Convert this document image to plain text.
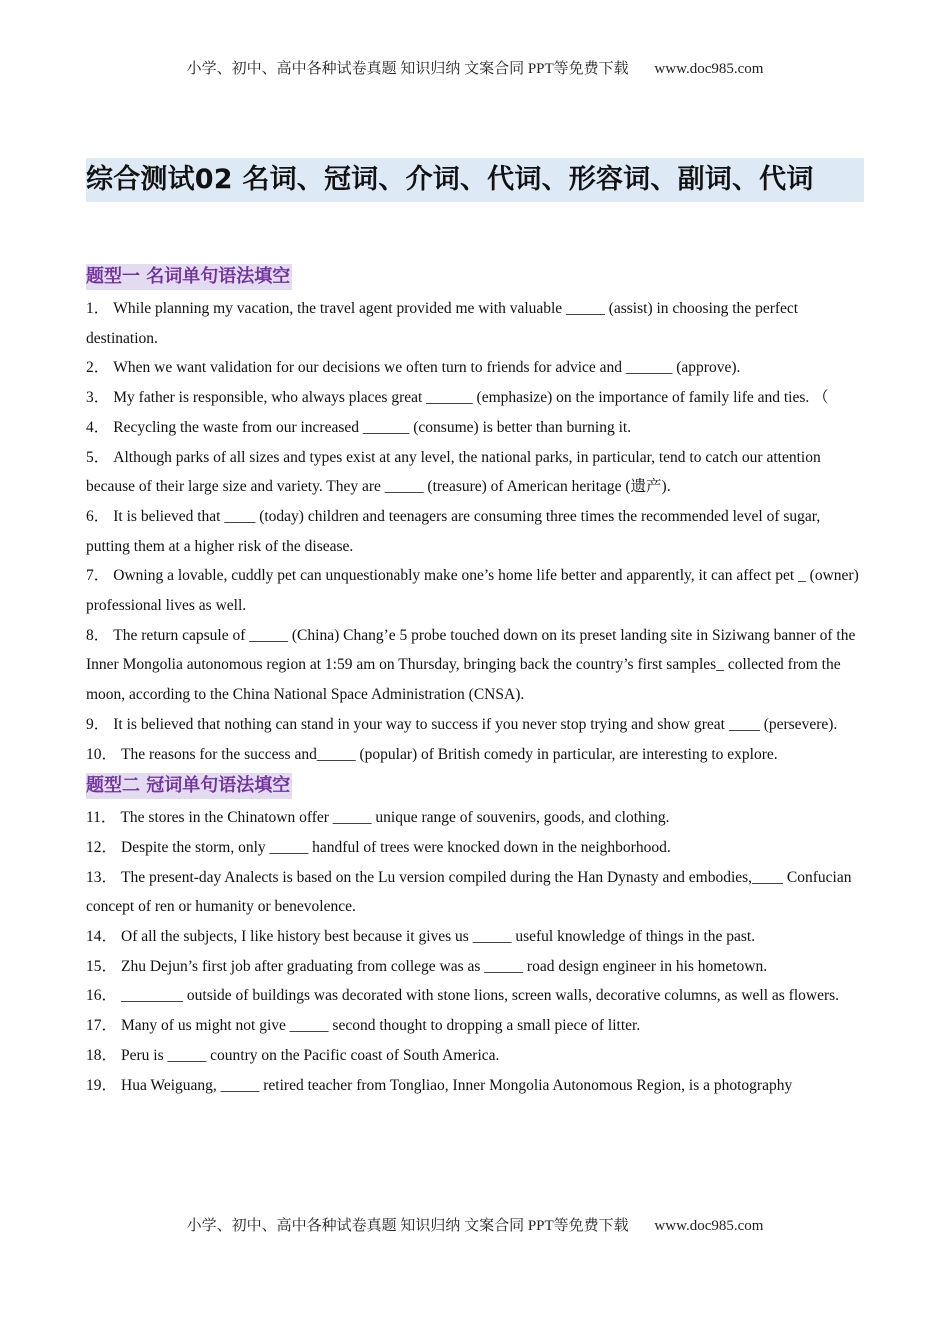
小学、初中、高中各种试卷真题 知识归纳 文案合同 PPT等免费下载 www.doc985.com
综合测试02 名词、冠词、介词、代词、形容词、副词、代词
题型一 名词单句语法填空

1． While planning my vacation, the travel agent provided me with valuable _____ (assist) in choosing the perfect destination.

2． When we want validation for our decisions we often turn to friends for advice and ______ (approve).

3． My father is responsible, who always places great ______ (emphasize) on the importance of family life and ties. （

4． Recycling the waste from our increased ______ (consume) is better than burning it.

5． Although parks of all sizes and types exist at any level, the national parks, in particular, tend to catch our attention because of their large size and variety. They are _____ (treasure) of American heritage (遗产).

6． It is believed that ____ (today) children and teenagers are consuming three times the recommended level of sugar, putting them at a higher risk of the disease.

7． Owning a lovable, cuddly pet can unquestionably make one’s home life better and apparently, it can affect pet _ (owner) professional lives as well.

8． The return capsule of _____ (China) Chang’e 5 probe touched down on its preset landing site in Siziwang banner of the Inner Mongolia autonomous region at 1:59 am on Thursday, bringing back the country’s first samples_ collected from the moon, according to the China National Space Administration (CNSA).

9． It is believed that nothing can stand in your way to success if you never stop trying and show great ____ (persevere).

10． The reasons for the success and_____ (popular) of British comedy in particular, are interesting to explore.

题型二 冠词单句语法填空

11． The stores in the Chinatown offer _____ unique range of souvenirs, goods, and clothing.

12． Despite the storm, only _____ handful of trees were knocked down in the neighborhood.

13． The present-day Analects is based on the Lu version compiled during the Han Dynasty and embodies,____ Confucian concept of ren or humanity or benevolence.

14． Of all the subjects, I like history best because it gives us _____ useful knowledge of things in the past.

15． Zhu Dejun’s first job after graduating from college was as _____ road design engineer in his hometown.

16． ________ outside of buildings was decorated with stone lions, screen walls, decorative columns, as well as flowers.

17． Many of us might not give _____ second thought to dropping a small piece of litter.

18． Peru is _____ country on the Pacific coast of South America.

19． Hua Weiguang, _____ retired teacher from Tongliao, Inner Mongolia Autonomous Region, is a photography

小学、初中、高中各种试卷真题 知识归纳 文案合同 PPT等免费下载 www.doc985.com
